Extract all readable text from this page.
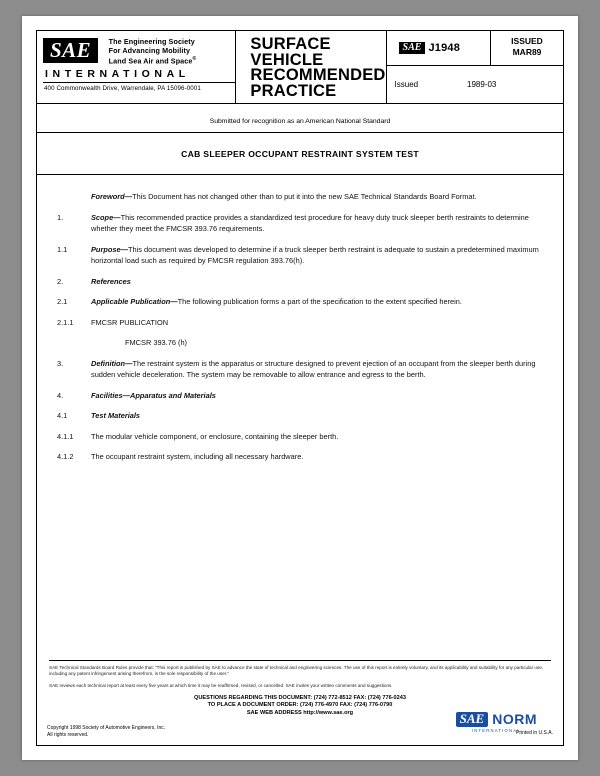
SAE The Engineering Society
For Advancing Mobility
Land Sea Air and Space®
INTERNATIONAL
400 Commonwealth Drive, Warrendale, PA 15096-0001
SURFACE
VEHICLE
RECOMMENDED
PRACTICE
SAE J1948
ISSUED
MAR89
Issued	1989-03
Submitted for recognition as an American National Standard
CAB SLEEPER OCCUPANT RESTRAINT SYSTEM TEST
Foreword—This Document has not changed other than to put it into the new SAE Technical Standards Board Format.
1.	Scope—This recommended practice provides a standardized test procedure for heavy duty truck sleeper berth restraints to determine whether they meet the FMCSR 393.76 requirements.
1.1	Purpose—This document was developed to determine if a truck sleeper berth restraint is adequate to sustain a predetermined maximum horizontal load such as required by FMCSR regulation 393.76(h).
2.	References
2.1	Applicable Publication—The following publication forms a part of the specification to the extent specified herein.
2.1.1	FMCSR PUBLICATION
FMCSR 393.76 (h)
3.	Definition—The restraint system is the apparatus or structure designed to prevent ejection of an occupant from the sleeper berth during sudden vehicle deceleration. The system may be removable to allow entrance and egress to the berth.
4.	Facilities—Apparatus and Materials
4.1	Test Materials
4.1.1	The modular vehicle component, or enclosure, containing the sleeper berth.
4.1.2	The occupant restraint system, including all necessary hardware.
SAE Technical Standards Board Rules provide that: “This report is published by SAE to advance the state of technical and engineering sciences. The use of this report is entirely voluntary, and its applicability and suitability for any particular use, including any patent infringement arising therefrom, is the sole responsibility of the user.”
SAE reviews each technical report at least every five years at which time it may be reaffirmed, revised, or cancelled. SAE invites your written comments and suggestions.
QUESTIONS REGARDING THIS DOCUMENT: (724) 772-8512 FAX: (724) 776-0243
TO PLACE A DOCUMENT ORDER: (724) 776-4970 FAX: (724) 776-0790
SAE WEB ADDRESS http://www.sae.org
Copyright 1998 Society of Automotive Engineers, Inc.
All rights reserved.	Printed in U.S.A.
SAE NORM
INTERNATIONAL
